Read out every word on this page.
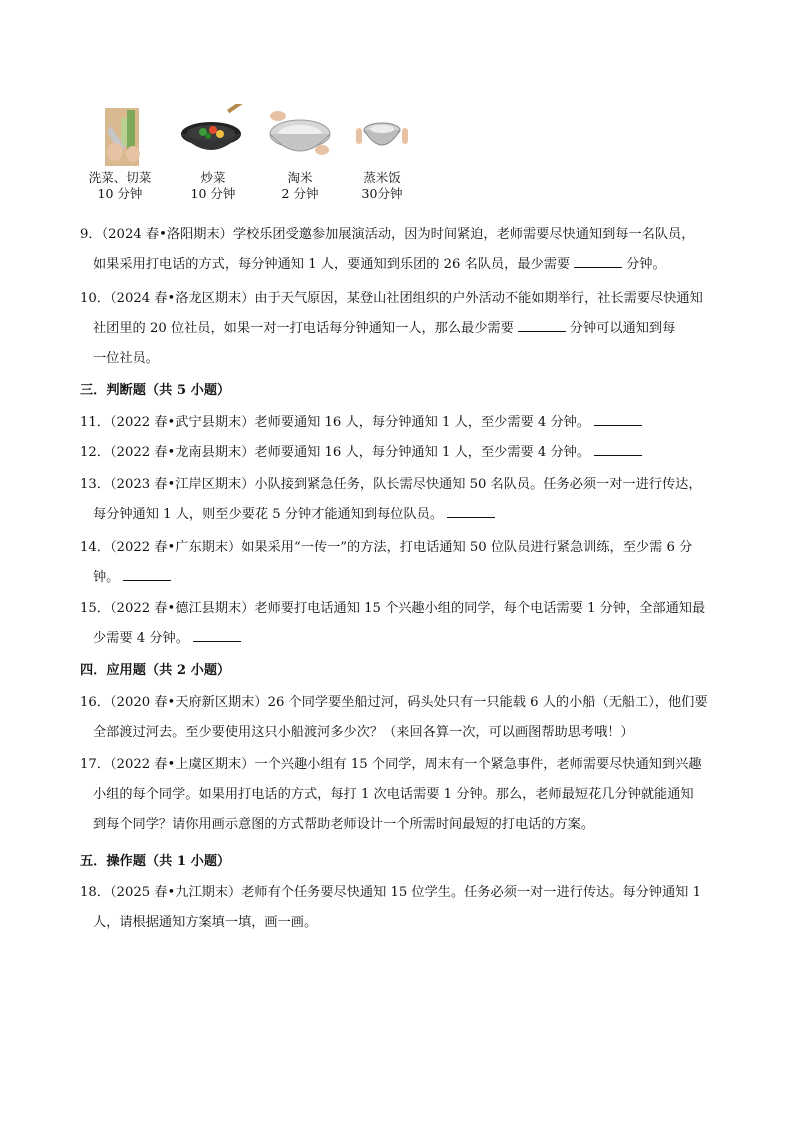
洗菜、切菜
10 分钟
炒菜
10 分钟
淘米
2 分钟
蒸米饭
30分钟

9．（2024 春•洛阳期末）学校乐团受邀参加展演活动，因为时间紧迫，老师需要尽快通知到每一名队员，

如果采用打电话的方式，每分钟通知 1 人，要通知到乐团的 26 名队员，最少需要	分钟。

10．（2024 春•洛龙区期末）由于天气原因，某登山社团组织的户外活动不能如期举行，社长需要尽快通知

社团里的 20 位社员，如果一对一打电话每分钟通知一人，那么最少需要	分钟可以通知到每

一位社员。

三．判断题（共 5 小题）

11．（2022 春•武宁县期末）老师要通知 16 人，每分钟通知 1 人，至少需要 4 分钟。

12．（2022 春•龙南县期末）老师要通知 16 人，每分钟通知 1 人，至少需要 4 分钟。

13．（2023 春•江岸区期末）小队接到紧急任务，队长需尽快通知 50 名队员。任务必须一对一进行传达，

每分钟通知 1 人，则至少要花 5 分钟才能通知到每位队员。

14．（2022 春•广东期末）如果采用“一传一”的方法，打电话通知 50 位队员进行紧急训练，至少需 6 分

钟。

15．（2022 春•德江县期末）老师要打电话通知 15 个兴趣小组的同学，每个电话需要 1 分钟，全部通知最

少需要 4 分钟。

四．应用题（共 2 小题）

16．（2020 春•天府新区期末）26 个同学要坐船过河，码头处只有一只能载 6 人的小船（无船工），他们要

全部渡过河去。至少要使用这只小船渡河多少次？（来回各算一次，可以画图帮助思考哦！）

17．（2022 春•上虞区期末）一个兴趣小组有 15 个同学，周末有一个紧急事件，老师需要尽快通知到兴趣

小组的每个同学。如果用打电话的方式，每打 1 次电话需要 1 分钟。那么，老师最短花几分钟就能通知

到每个同学？请你用画示意图的方式帮助老师设计一个所需时间最短的打电话的方案。

五．操作题（共 1 小题）

18．（2025 春•九江期末）老师有个任务要尽快通知 15 位学生。任务必须一对一进行传达。每分钟通知 1

人，请根据通知方案填一填，画一画。
